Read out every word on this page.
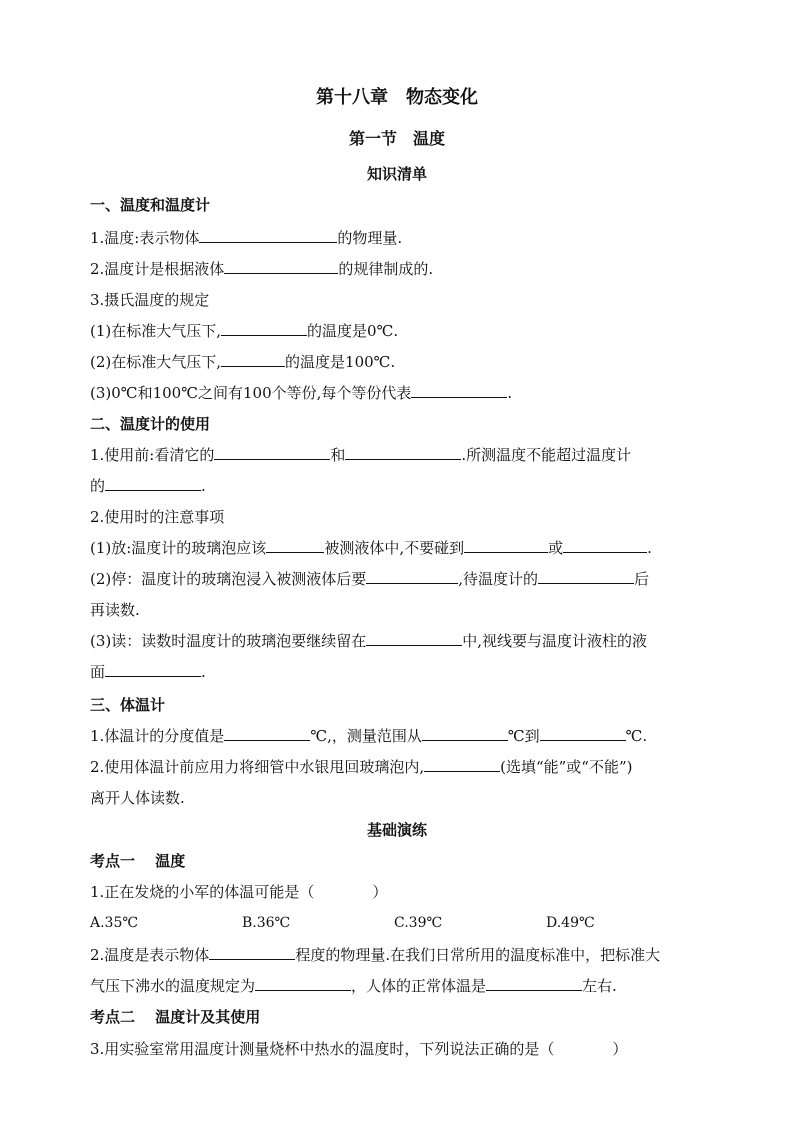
第十八章　物态变化
第一节　温度
知识清单
一、温度和温度计
1.温度:表示物体	的物理量.
2.温度计是根据液体	的规律制成的.
3.摄氏温度的规定
(1)在标准大气压下,	的温度是0℃.
(2)在标准大气压下,	的温度是100℃.
(3)0℃和100℃之间有100个等份,每个等份代表	.
二、温度计的使用
1.使用前:看清它的	和	.所测温度不能超过温度计
的	.
2.使用时的注意事项
(1)放:温度计的玻璃泡应该	被测液体中,不要碰到	或	.
(2)停：温度计的玻璃泡浸入被测液体后要	,待温度计的	后
再读数.
(3)读：读数时温度计的玻璃泡要继续留在	中,视线要与温度计液柱的液
面	.
三、体温计
1.体温计的分度值是	℃,，测量范围从	℃到	℃.
2.使用体温计前应用力将细管中水银甩回玻璃泡内,	(选填“能”或“不能”)
离开人体读数.
基础演练
考点一　 温度
1.正在发烧的小军的体温可能是（	）
A.35℃	B.36℃	C.39℃	D.49℃
2.温度是表示物体	程度的物理量.在我们日常所用的温度标准中，把标准大
气压下沸水的温度规定为	，人体的正常体温是	左右.
考点二　 温度计及其使用
3.用实验室常用温度计测量烧杯中热水的温度时，下列说法正确的是（	）
